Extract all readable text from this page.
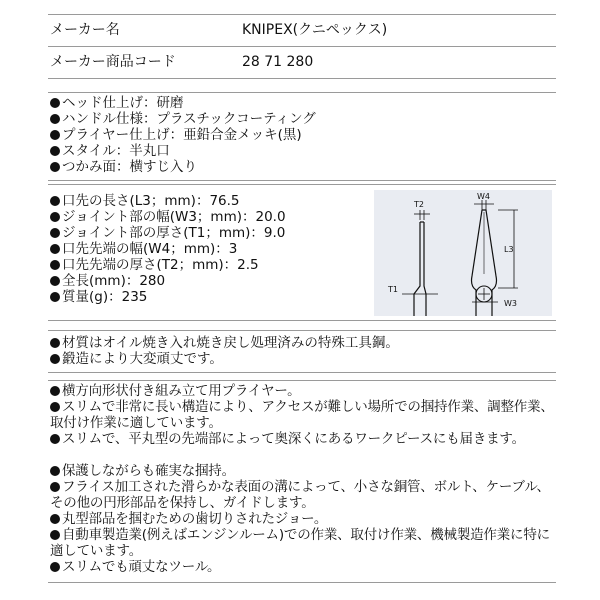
メーカー名	KNIPEX(クニペックス)
メーカー商品コード	28 71 280
ヘッド仕上げ：研磨
ハンドル仕様：プラスチックコーティング
プライヤー仕上げ：亜鉛合金メッキ(黒)
スタイル：半丸口
つかみ面：横すじ入り
口先の長さ(L3；mm)：76.5
ジョイント部の幅(W3；mm)：20.0
ジョイント部の厚さ(T1；mm)：9.0
口先先端の幅(W4；mm)：3
口先先端の厚さ(T2；mm)：2.5
全長(mm)：280
質量(g)：235
T2
T1
W4
L3
W3
材質はオイル焼き入れ焼き戻し処理済みの特殊工具鋼。
鍛造により大変頑丈です。
横方向形状付き組み立て用プライヤー。
スリムで非常に長い構造により、アクセスが難しい場所での掴持作業、調整作業、取付け作業に適しています。
スリムで、平丸型の先端部によって奥深くにあるワークピースにも届きます。
保護しながらも確実な掴持。
フライス加工された滑らかな表面の溝によって、小さな銅管、ボルト、ケーブル、その他の円形部品を保持し、ガイドします。
丸型部品を掴むための歯切りされたジョー。
自動車製造業(例えばエンジンルーム)での作業、取付け作業、機械製造作業に特に適しています。
スリムでも頑丈なツール。
